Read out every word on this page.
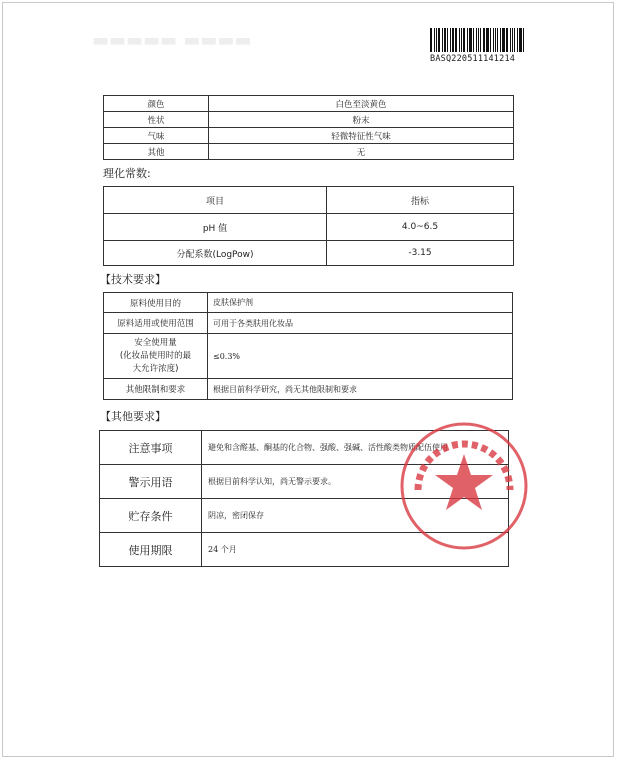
▬▬▬▬▬ ▬▬▬▬
BASQ220511141214
颜色	白色至淡黄色
性状	粉末
气味	轻微特征性气味
其他	无
理化常数:
项目	指标
pH 值	4.0~6.5
分配系数(LogPow)	-3.15
【技术要求】
原料使用目的	皮肤保护剂
原料适用或使用范围	可用于各类肤用化妆品

安全使用量
(化妆品使用时的最
大允许浓度)	≤0.3%
其他限制和要求	根据目前科学研究，尚无其他限制和要求
【其他要求】
注意事项	避免和含醛基、酮基的化合物、强酸、强碱、活性酸类物质配伍使用
警示用语	根据目前科学认知，尚无警示要求。
贮存条件	阴凉，密闭保存
使用期限	24 个月
